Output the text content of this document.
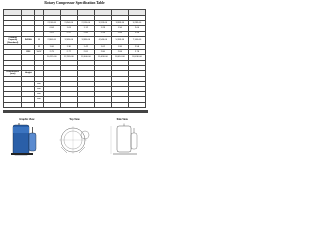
Rotary Compressor Specification Table

			2,190.00	2,650.00	2,915.00	3,315.00	3,985.00	5,285.00
			0.84	1.03	1.12	1.28	1.50	2.04
			2.61	2.57	2.60	2.59	2.66	2.59
Cooling Capacity (Standard)	R410A	W	2,960.00	3,595.00	3,985.00	4,540.00	5,395.00	7,160.00
		W	1.06	1.30	1.42	1.62	1.90	2.58
	R32	W/W	2.79	2.77	2.81	2.80	2.84	2.78
			10,115.00	12,265.00	13,600.00	15,490.00	18,410.00	24,430.00

Dimensions (mm)	Height							

		mm						
		mm						
		mm						
		mm						

Graphic View	Top View	Side View
